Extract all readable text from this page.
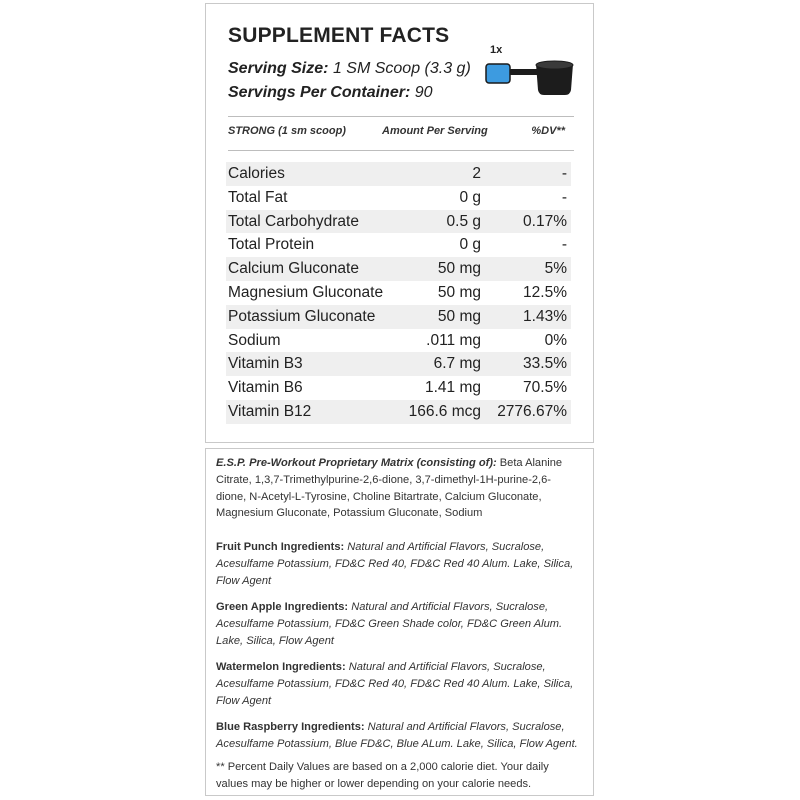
SUPPLEMENT FACTS
Serving Size: 1 SM Scoop (3.3 g)
Servings Per Container: 90
1x
STRONG (1 sm scoop)	Amount Per Serving	%DV**
Calories	2	-
Total Fat	0 g	-
Total Carbohydrate	0.5 g	0.17%
Total Protein	0 g	-
Calcium Gluconate	50 mg	5%
Magnesium Gluconate	50 mg	12.5%
Potassium Gluconate	50 mg	1.43%
Sodium	.011 mg	0%
Vitamin B3	6.7 mg	33.5%
Vitamin B6	1.41 mg	70.5%
Vitamin B12	166.6 mcg 2776.67%
E.S.P. Pre-Workout Proprietary Matrix (consisting of): Beta Alanine Citrate, 1,3,7-Trimethylpurine-2,6-dione, 3,7-dimethyl-1H-purine-2,6-dione, N-Acetyl-L-Tyrosine, Choline Bitartrate, Calcium Gluconate, Magnesium Gluconate, Potassium Gluconate, Sodium
Fruit Punch Ingredients: Natural and Artificial Flavors, Sucralose, Acesulfame Potassium, FD&C Red 40, FD&C Red 40 Alum. Lake, Silica, Flow Agent
Green Apple Ingredients: Natural and Artificial Flavors, Sucralose, Acesulfame Potassium, FD&C Green Shade color, FD&C Green Alum. Lake, Silica, Flow Agent
Watermelon Ingredients: Natural and Artificial Flavors, Sucralose, Acesulfame Potassium, FD&C Red 40, FD&C Red 40 Alum. Lake, Silica, Flow Agent
Blue Raspberry Ingredients: Natural and Artificial Flavors, Sucralose, Acesulfame Potassium, Blue FD&C, Blue ALum. Lake, Silica, Flow Agent.
** Percent Daily Values are based on a 2,000 calorie diet. Your daily values may be higher or lower depending on your calorie needs.
